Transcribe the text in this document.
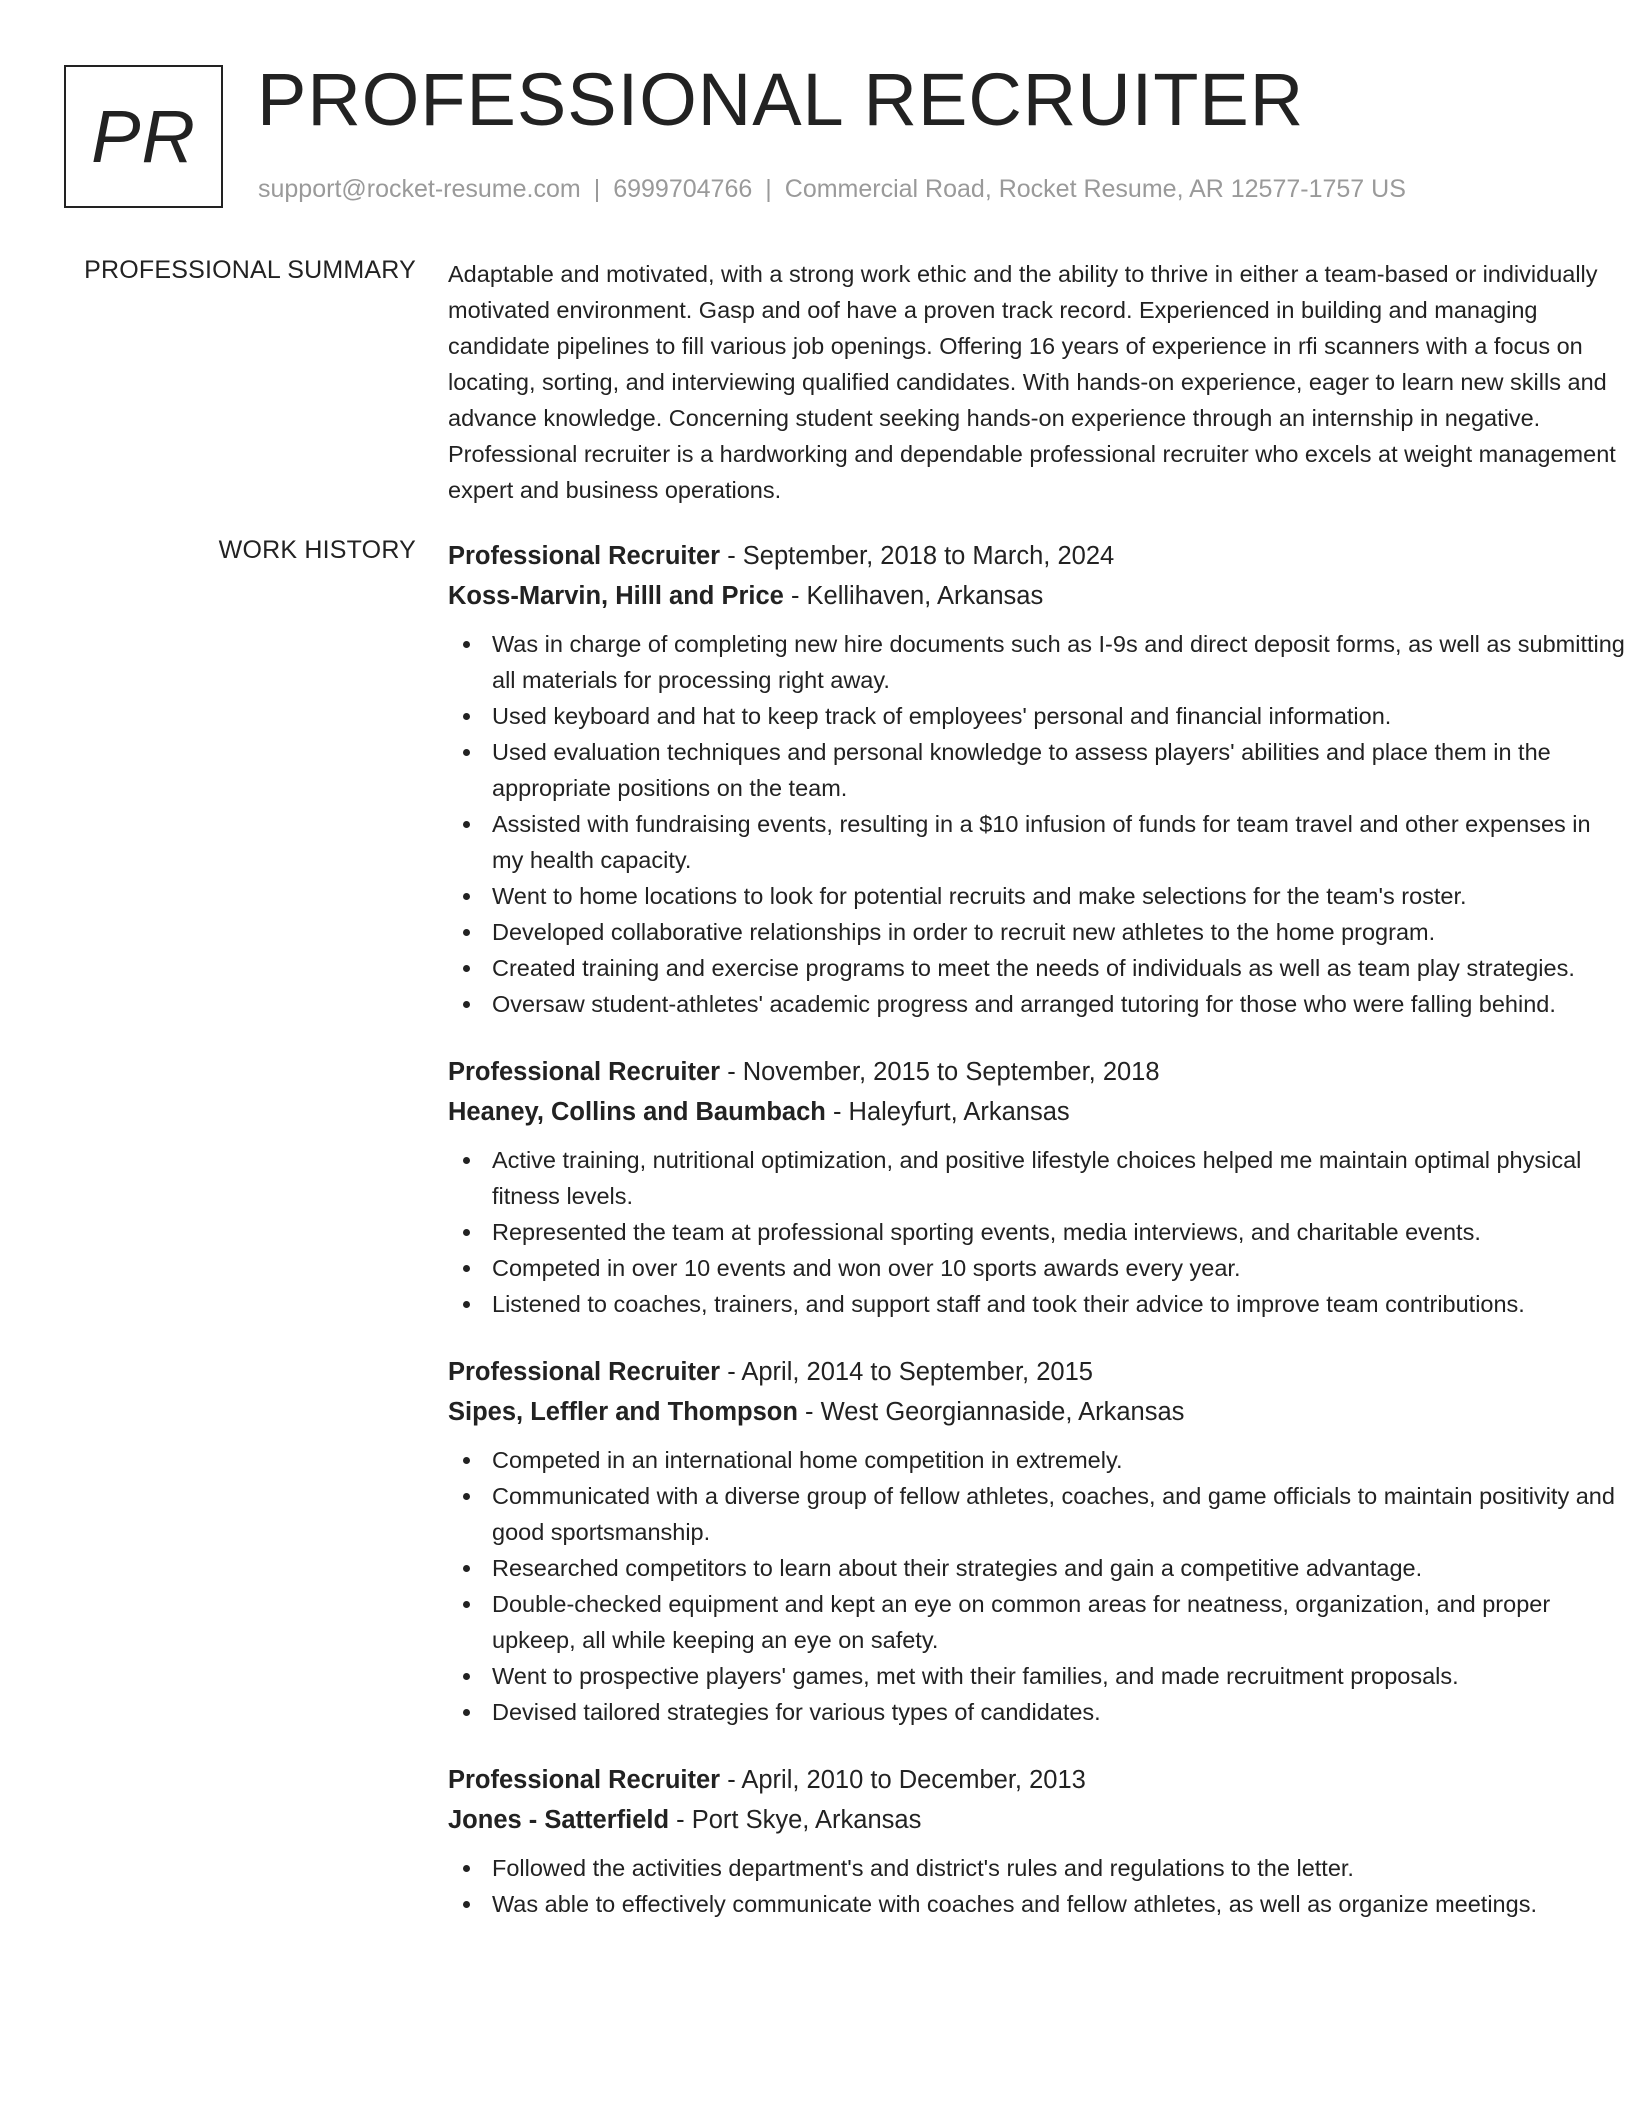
PR PROFESSIONAL RECRUITER
support@rocket-resume.com | 6999704766 | Commercial Road, Rocket Resume, AR 12577-1757 US
PROFESSIONAL SUMMARY Adaptable and motivated, with a strong work ethic and the ability to thrive in either a team-based or individually motivated environment. Gasp and oof have a proven track record. Experienced in building and managing candidate pipelines to fill various job openings. Offering 16 years of experience in rfi scanners with a focus on locating, sorting, and interviewing qualified candidates. With hands-on experience, eager to learn new skills and advance knowledge. Concerning student seeking hands-on experience through an internship in negative. Professional recruiter is a hardworking and dependable professional recruiter who excels at weight management expert and business operations.

WORK HISTORY Professional Recruiter - September, 2018 to March, 2024
Koss-Marvin, Hilll and Price - Kellihaven, Arkansas
Was in charge of completing new hire documents such as I-9s and direct deposit forms, as well as submitting all materials for processing right away.
Used keyboard and hat to keep track of employees' personal and financial information.
Used evaluation techniques and personal knowledge to assess players' abilities and place them in the appropriate positions on the team.
Assisted with fundraising events, resulting in a $10 infusion of funds for team travel and other expenses in my health capacity.
Went to home locations to look for potential recruits and make selections for the team's roster.
Developed collaborative relationships in order to recruit new athletes to the home program.
Created training and exercise programs to meet the needs of individuals as well as team play strategies.
Oversaw student-athletes' academic progress and arranged tutoring for those who were falling behind.
Professional Recruiter - November, 2015 to September, 2018
Heaney, Collins and Baumbach - Haleyfurt, Arkansas
Active training, nutritional optimization, and positive lifestyle choices helped me maintain optimal physical fitness levels.
Represented the team at professional sporting events, media interviews, and charitable events.
Competed in over 10 events and won over 10 sports awards every year.
Listened to coaches, trainers, and support staff and took their advice to improve team contributions.
Professional Recruiter - April, 2014 to September, 2015
Sipes, Leffler and Thompson - West Georgiannaside, Arkansas
Competed in an international home competition in extremely.
Communicated with a diverse group of fellow athletes, coaches, and game officials to maintain positivity and good sportsmanship.
Researched competitors to learn about their strategies and gain a competitive advantage.
Double-checked equipment and kept an eye on common areas for neatness, organization, and proper upkeep, all while keeping an eye on safety.
Went to prospective players' games, met with their families, and made recruitment proposals.
Devised tailored strategies for various types of candidates.
Professional Recruiter - April, 2010 to December, 2013
Jones - Satterfield - Port Skye, Arkansas
Followed the activities department's and district's rules and regulations to the letter.
Was able to effectively communicate with coaches and fellow athletes, as well as organize meetings.
